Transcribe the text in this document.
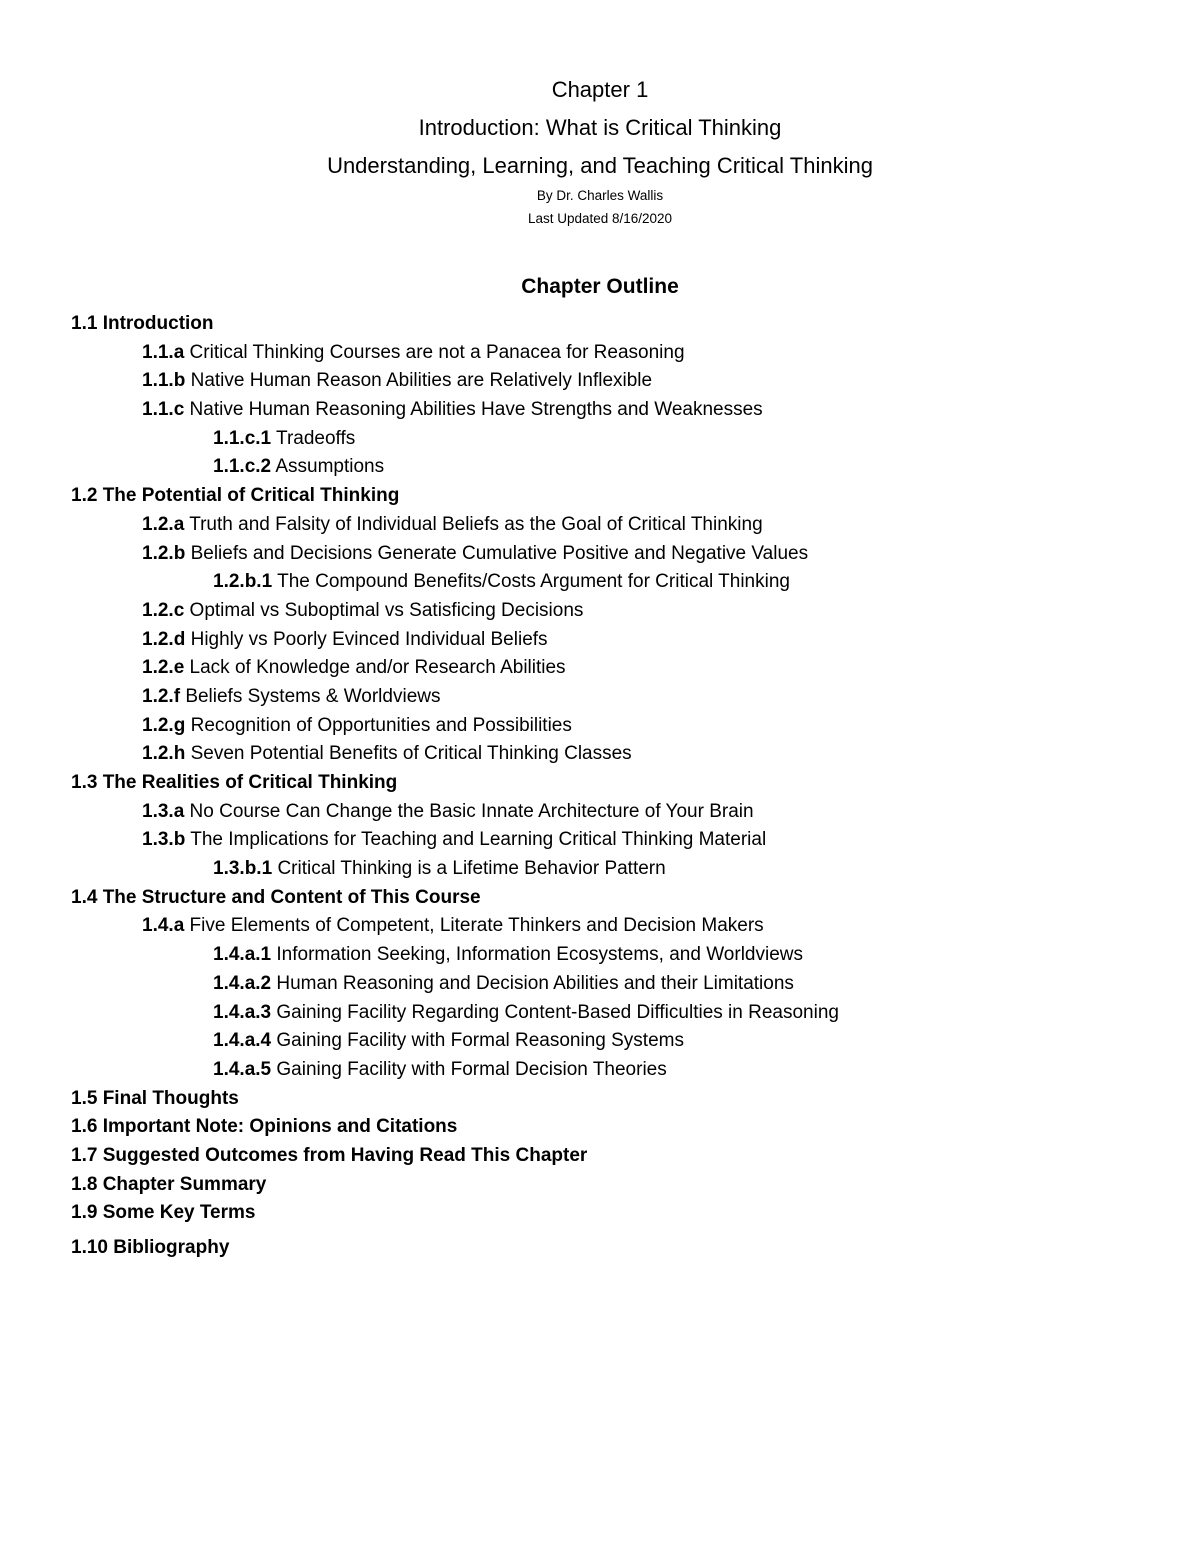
Chapter 1
Introduction: What is Critical Thinking
Understanding, Learning, and Teaching Critical Thinking
By Dr. Charles Wallis
Last Updated 8/16/2020
Chapter Outline
1.1 Introduction
1.1.a Critical Thinking Courses are not a Panacea for Reasoning
1.1.b Native Human Reason Abilities are Relatively Inflexible
1.1.c Native Human Reasoning Abilities Have Strengths and Weaknesses
1.1.c.1 Tradeoffs
1.1.c.2 Assumptions
1.2 The Potential of Critical Thinking
1.2.a Truth and Falsity of Individual Beliefs as the Goal of Critical Thinking
1.2.b Beliefs and Decisions Generate Cumulative Positive and Negative Values
1.2.b.1 The Compound Benefits/Costs Argument for Critical Thinking
1.2.c Optimal vs Suboptimal vs Satisficing Decisions
1.2.d Highly vs Poorly Evinced Individual Beliefs
1.2.e Lack of Knowledge and/or Research Abilities
1.2.f Beliefs Systems & Worldviews
1.2.g Recognition of Opportunities and Possibilities
1.2.h Seven Potential Benefits of Critical Thinking Classes
1.3 The Realities of Critical Thinking
1.3.a No Course Can Change the Basic Innate Architecture of Your Brain
1.3.b The Implications for Teaching and Learning Critical Thinking Material
1.3.b.1 Critical Thinking is a Lifetime Behavior Pattern
1.4 The Structure and Content of This Course
1.4.a Five Elements of Competent, Literate Thinkers and Decision Makers
1.4.a.1 Information Seeking, Information Ecosystems, and Worldviews
1.4.a.2 Human Reasoning and Decision Abilities and their Limitations
1.4.a.3 Gaining Facility Regarding Content-Based Difficulties in Reasoning
1.4.a.4 Gaining Facility with Formal Reasoning Systems
1.4.a.5 Gaining Facility with Formal Decision Theories
1.5 Final Thoughts
1.6 Important Note: Opinions and Citations
1.7 Suggested Outcomes from Having Read This Chapter
1.8 Chapter Summary
1.9 Some Key Terms
1.10 Bibliography
